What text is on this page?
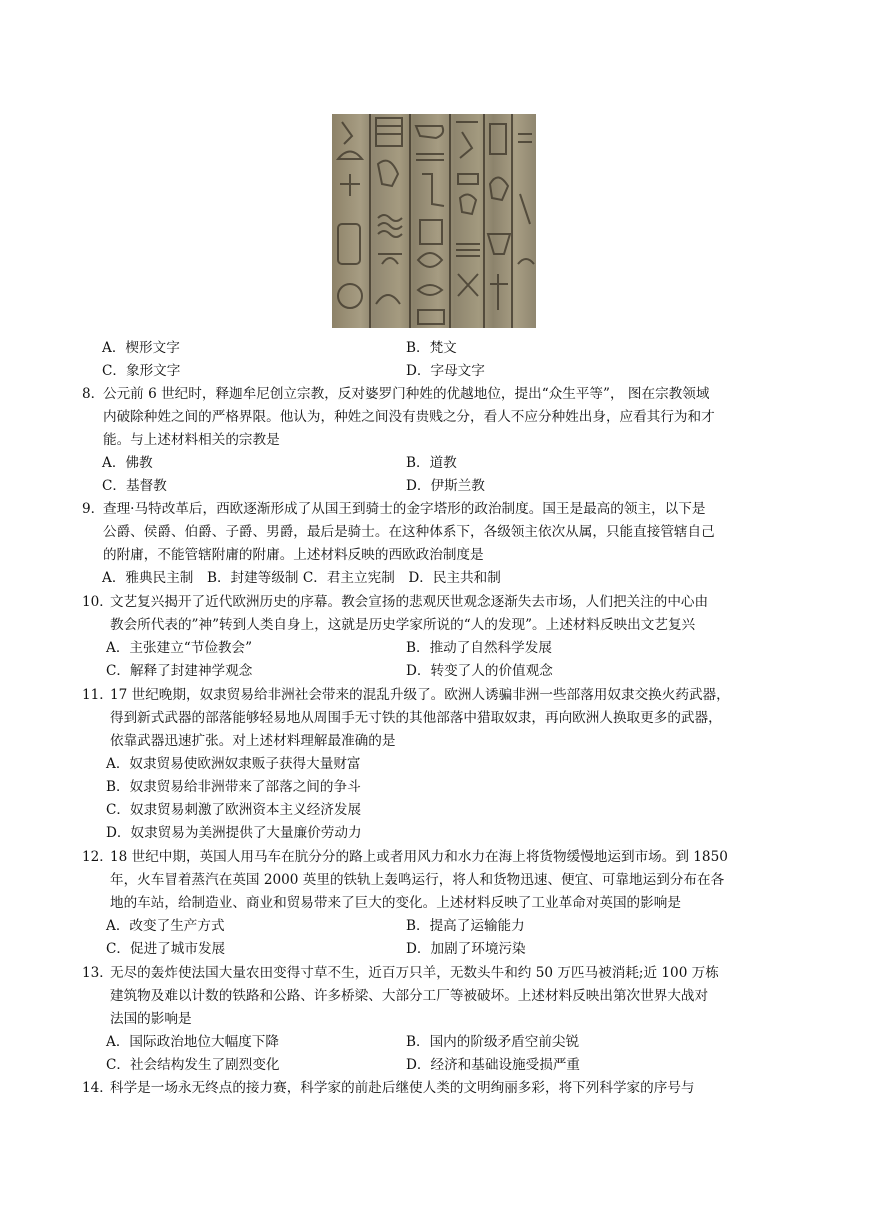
A．楔形文字	B．梵文
C．象形文字	D．字母文字
8．
公元前 6 世纪时，释迦牟尼创立宗教，反对婆罗门种姓的优越地位，提出“众生平等”， 图在宗教领域
内破除种姓之间的严格界限。他认为，种姓之间没有贵贱之分，看人不应分种姓出身，应看其行为和才
能。与上述材料相关的宗教是
A．佛教	B．道教
C．基督教	D．伊斯兰教
9．
查理·马特改革后，西欧逐渐形成了从国王到骑士的金字塔形的政治制度。国王是最高的领主，以下是
公爵、侯爵、伯爵、子爵、男爵，最后是骑士。在这种体系下，各级领主依次从属，只能直接管辖自己
的附庸，不能管辖附庸的附庸。上述材料反映的西欧政治制度是
A．雅典民主制　B．封建等级制 C．君主立宪制　D．民主共和制
10．
文艺复兴揭开了近代欧洲历史的序幕。教会宣扬的悲观厌世观念逐渐失去市场，人们把关注的中心由
教会所代表的”神”转到人类自身上，这就是历史学家所说的“人的发现”。上述材料反映出文艺复兴
A．主张建立“节俭教会”	B．推动了自然科学发展
C．解释了封建神学观念	D．转变了人的价值观念
11．
17 世纪晚期，奴隶贸易给非洲社会带来的混乱升级了。欧洲人诱骗非洲一些部落用奴隶交换火药武器，
得到新式武器的部落能够轻易地从周围手无寸铁的其他部落中猎取奴隶，再向欧洲人换取更多的武器，
依靠武器迅速扩张。对上述材料理解最准确的是
A．奴隶贸易使欧洲奴隶贩子获得大量财富
B．奴隶贸易给非洲带来了部落之间的争斗
C．奴隶贸易刺激了欧洲资本主义经济发展
D．奴隶贸易为美洲提供了大量廉价劳动力
12．
18 世纪中期，英国人用马车在肮分分的路上或者用风力和水力在海上将货物缓慢地运到市场。到 1850
年，火车冒着蒸汽在英国 2000 英里的铁轨上轰鸣运行，将人和货物迅速、便宜、可靠地运到分布在各
地的车站，给制造业、商业和贸易带来了巨大的变化。上述材料反映了工业革命对英国的影响是
A．改变了生产方式	B．提高了运输能力
C．促进了城市发展	D．加剧了环境污染
13．
无尽的轰炸使法国大量农田变得寸草不生，近百万只羊，无数头牛和约 50 万匹马被消耗;近 100 万栋
建筑物及难以计数的铁路和公路、许多桥梁、大部分工厂等被破坏。上述材料反映出第次世界大战对
法国的影响是
A．国际政治地位大幅度下降	B．国内的阶级矛盾空前尖锐
C．社会结构发生了剧烈变化	D．经济和基础设施受损严重
14．
科学是一场永无终点的接力赛，科学家的前赴后继使人类的文明绚丽多彩，将下列科学家的序号与
